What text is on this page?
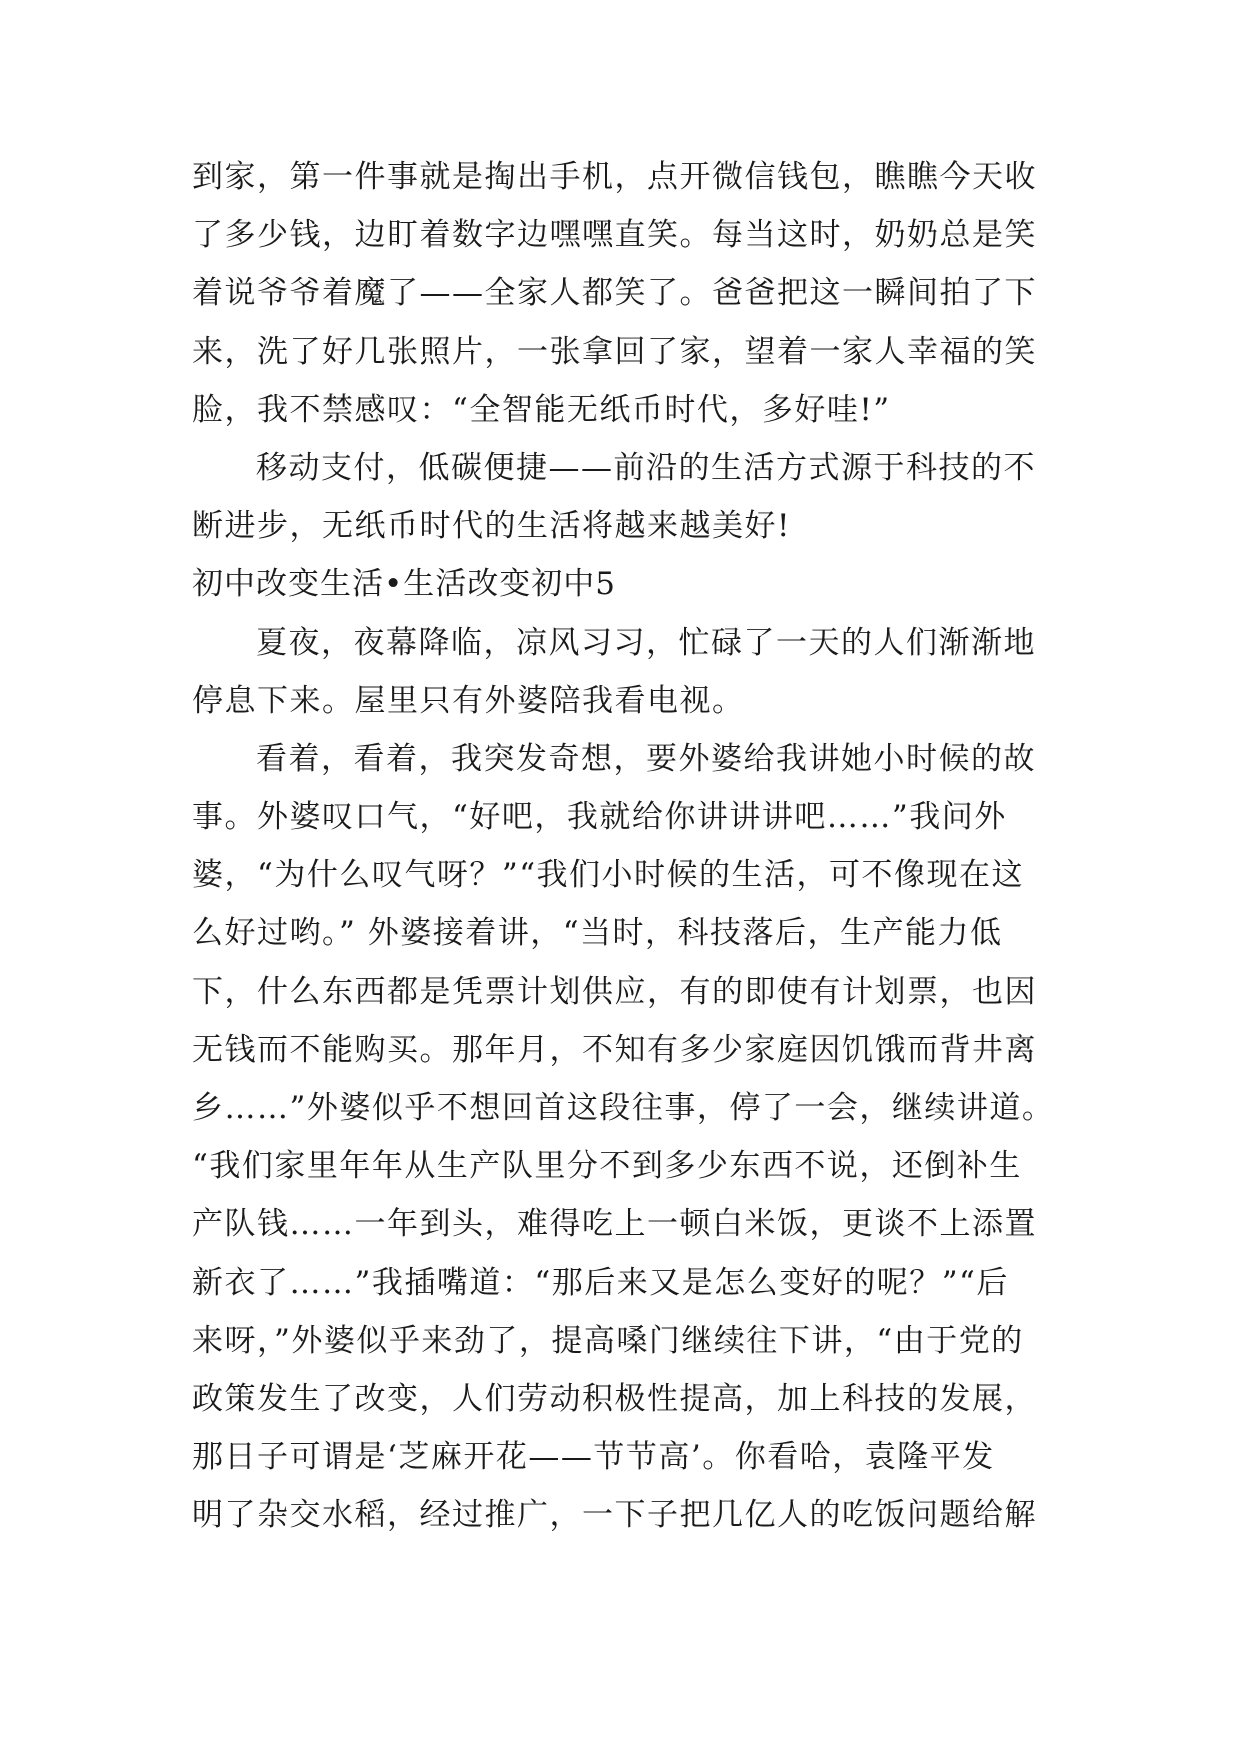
到家，第一件事就是掏出手机，点开微信钱包，瞧瞧今天收
了多少钱，边盯着数字边嘿嘿直笑。每当这时，奶奶总是笑
着说爷爷着魔了——全家人都笑了。爸爸把这一瞬间拍了下
来，洗了好几张照片，一张拿回了家，望着一家人幸福的笑
脸，我不禁感叹：“全智能无纸币时代，多好哇!”
移动支付，低碳便捷——前沿的生活方式源于科技的不
断进步，无纸币时代的生活将越来越美好!
初中改变生活•生活改变初中5
夏夜，夜幕降临，凉风习习，忙碌了一天的人们渐渐地
停息下来。屋里只有外婆陪我看电视。
看着，看着，我突发奇想，要外婆给我讲她小时候的故
事。外婆叹口气，“好吧，我就给你讲讲讲吧……”我问外
婆，“为什么叹气呀？”“我们小时候的生活，可不像现在这
么好过哟。” 外婆接着讲，“当时，科技落后，生产能力低
下，什么东西都是凭票计划供应，有的即使有计划票，也因
无钱而不能购买。那年月，不知有多少家庭因饥饿而背井离
乡……”外婆似乎不想回首这段往事，停了一会，继续讲道。
“我们家里年年从生产队里分不到多少东西不说，还倒补生
产队钱……一年到头，难得吃上一顿白米饭，更谈不上添置
新衣了……”我插嘴道：“那后来又是怎么变好的呢？”“后
来呀，”外婆似乎来劲了，提高嗓门继续往下讲，“由于党的
政策发生了改变，人们劳动积极性提高，加上科技的发展，
那日子可谓是‘芝麻开花——节节高’。你看哈，袁隆平发
明了杂交水稻，经过推广，一下子把几亿人的吃饭问题给解
